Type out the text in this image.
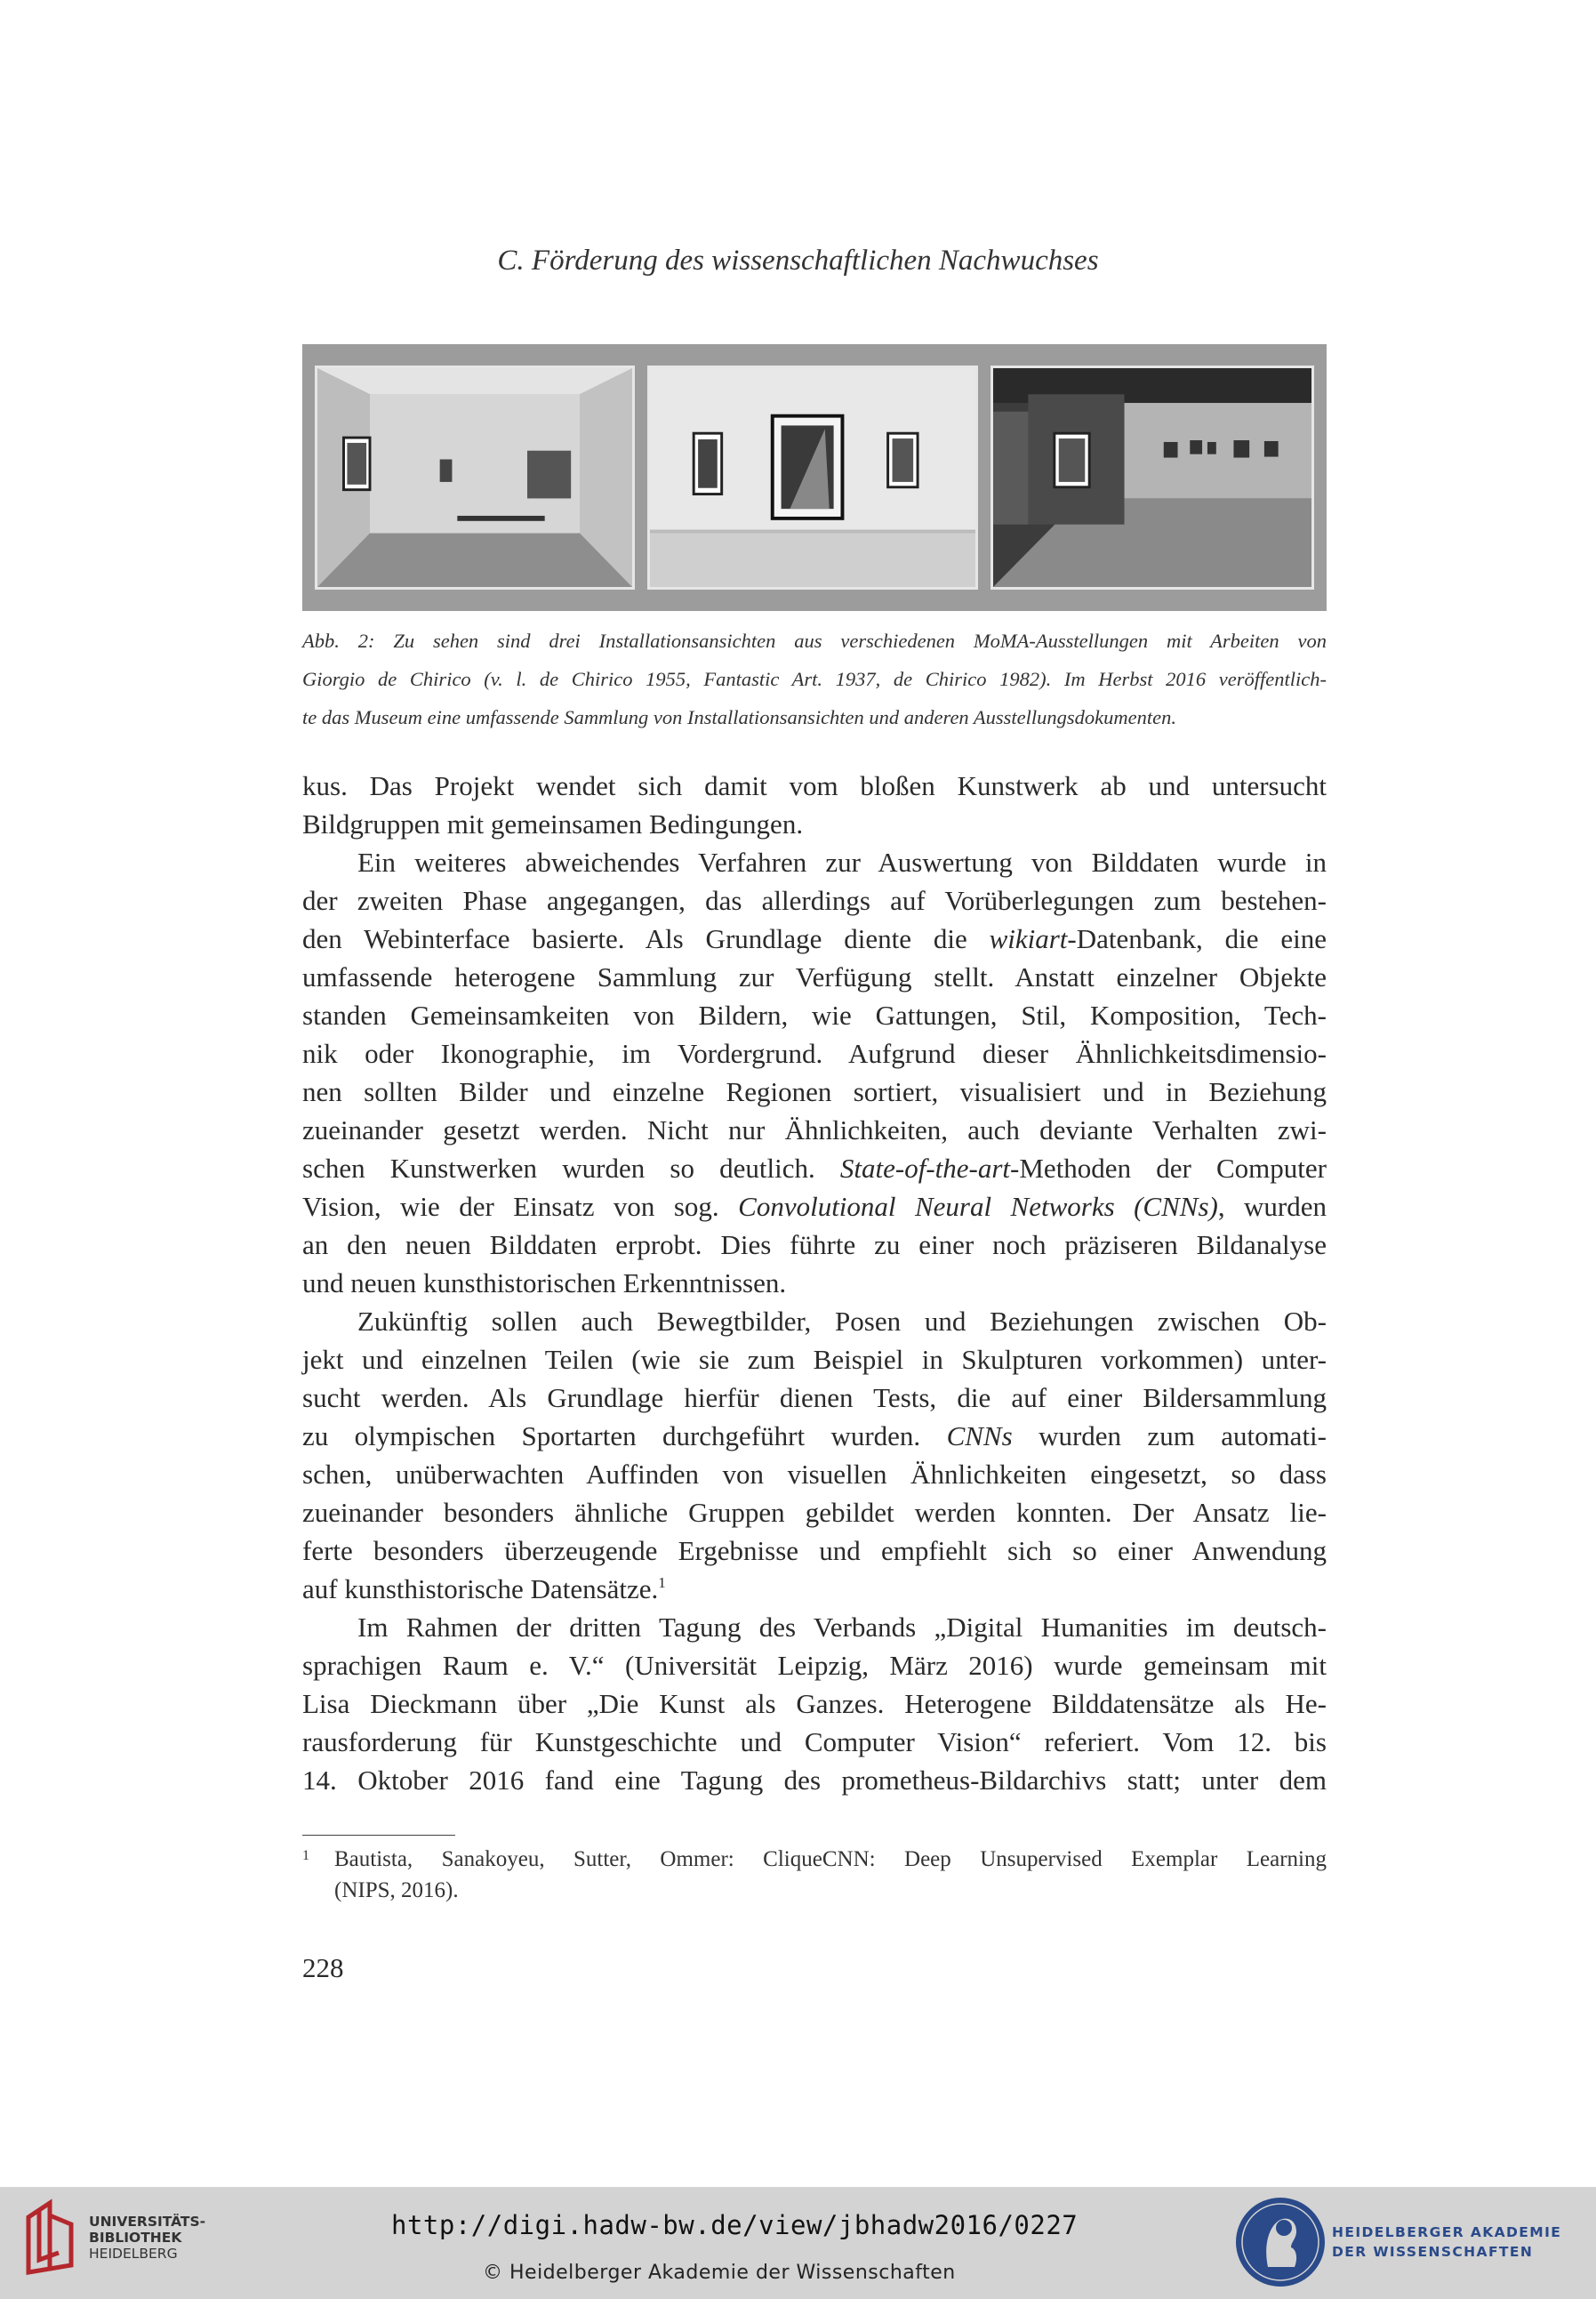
C. Förderung des wissenschaftlichen Nachwuchses
Abb. 2: Zu sehen sind drei Installationsansichten aus verschiedenen MoMA-Ausstellungen mit Arbeiten von
Giorgio de Chirico (v. l. de Chirico 1955, Fantastic Art. 1937, de Chirico 1982). Im Herbst 2016 veröffentlich-
te das Museum eine umfassende Sammlung von Installationsansichten und anderen Ausstellungsdokumenten.
kus. Das Projekt wendet sich damit vom bloßen Kunstwerk ab und untersucht
Bildgruppen mit gemeinsamen Bedingungen.
Ein weiteres abweichendes Verfahren zur Auswertung von Bilddaten wurde in
der zweiten Phase angegangen, das allerdings auf Vorüberlegungen zum bestehen-
den Webinterface basierte. Als Grundlage diente die wikiart-Datenbank, die eine
umfassende heterogene Sammlung zur Verfügung stellt. Anstatt einzelner Objekte
standen Gemeinsamkeiten von Bildern, wie Gattungen, Stil, Komposition, Tech-
nik oder Ikonographie, im Vordergrund. Aufgrund dieser Ähnlichkeitsdimensio-
nen sollten Bilder und einzelne Regionen sortiert, visualisiert und in Beziehung
zueinander gesetzt werden. Nicht nur Ähnlichkeiten, auch deviante Verhalten zwi-
schen Kunstwerken wurden so deutlich. State-of-the-art-Methoden der Computer
Vision, wie der Einsatz von sog. Convolutional Neural Networks (CNNs), wurden
an den neuen Bilddaten erprobt. Dies führte zu einer noch präziseren Bildanalyse
und neuen kunsthistorischen Erkenntnissen.
Zukünftig sollen auch Bewegtbilder, Posen und Beziehungen zwischen Ob-
jekt und einzelnen Teilen (wie sie zum Beispiel in Skulpturen vorkommen) unter-
sucht werden. Als Grundlage hierfür dienen Tests, die auf einer Bildersammlung
zu olympischen Sportarten durchgeführt wurden. CNNs wurden zum automati-
schen, unüberwachten Auffinden von visuellen Ähnlichkeiten eingesetzt, so dass
zueinander besonders ähnliche Gruppen gebildet werden konnten. Der Ansatz lie-
ferte besonders überzeugende Ergebnisse und empfiehlt sich so einer Anwendung
auf kunsthistorische Datensätze.$^1$
Im Rahmen der dritten Tagung des Verbands „Digital Humanities im deutsch-
sprachigen Raum e. V.“ (Universität Leipzig, März 2016) wurde gemeinsam mit
Lisa Dieckmann über „Die Kunst als Ganzes. Heterogene Bilddatensätze als He-
rausforderung für Kunstgeschichte und Computer Vision“ referiert. Vom 12. bis
14. Oktober 2016 fand eine Tagung des prometheus-Bildarchivs statt; unter dem
1	Bautista, Sanakoyeu, Sutter, Ommer: CliqueCNN: Deep Unsupervised Exemplar Learning
(NIPS, 2016).
228
UNIVERSITÄTS-
BIBLIOTHEK
HEIDELBERG
http://digi.hadw-bw.de/view/jbhadw2016/0227
© Heidelberger Akademie der Wissenschaften
HEIDELBERGER AKADEMIE
DER WISSENSCHAFTEN
